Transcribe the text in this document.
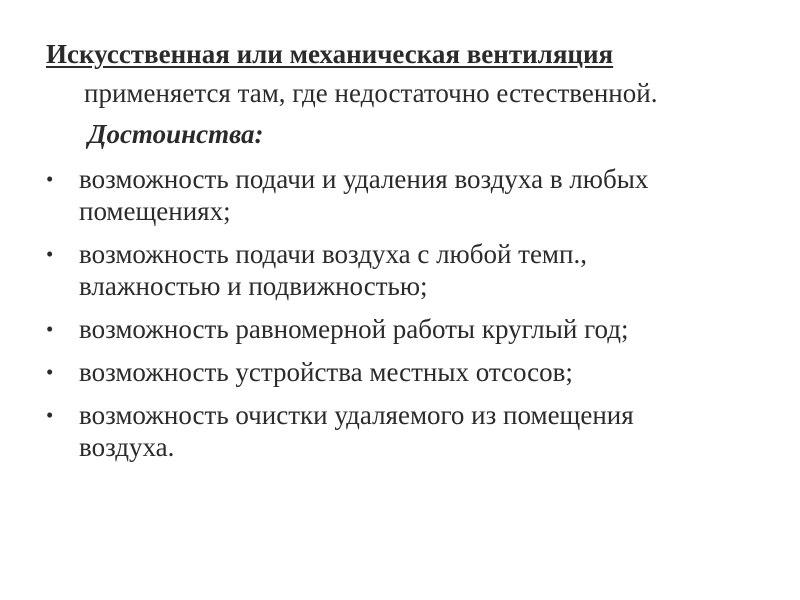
Искусственная или механическая вентиляция
применяется там, где недостаточно естественной.
Достоинства:
• возможность подачи и удаления воздуха в любых
помещениях;
• возможность подачи воздуха с любой темп.,
влажностью и подвижностью;
• возможность равномерной работы круглый год;
• возможность устройства местных отсосов;
• возможность очистки удаляемого из помещения
воздуха.
